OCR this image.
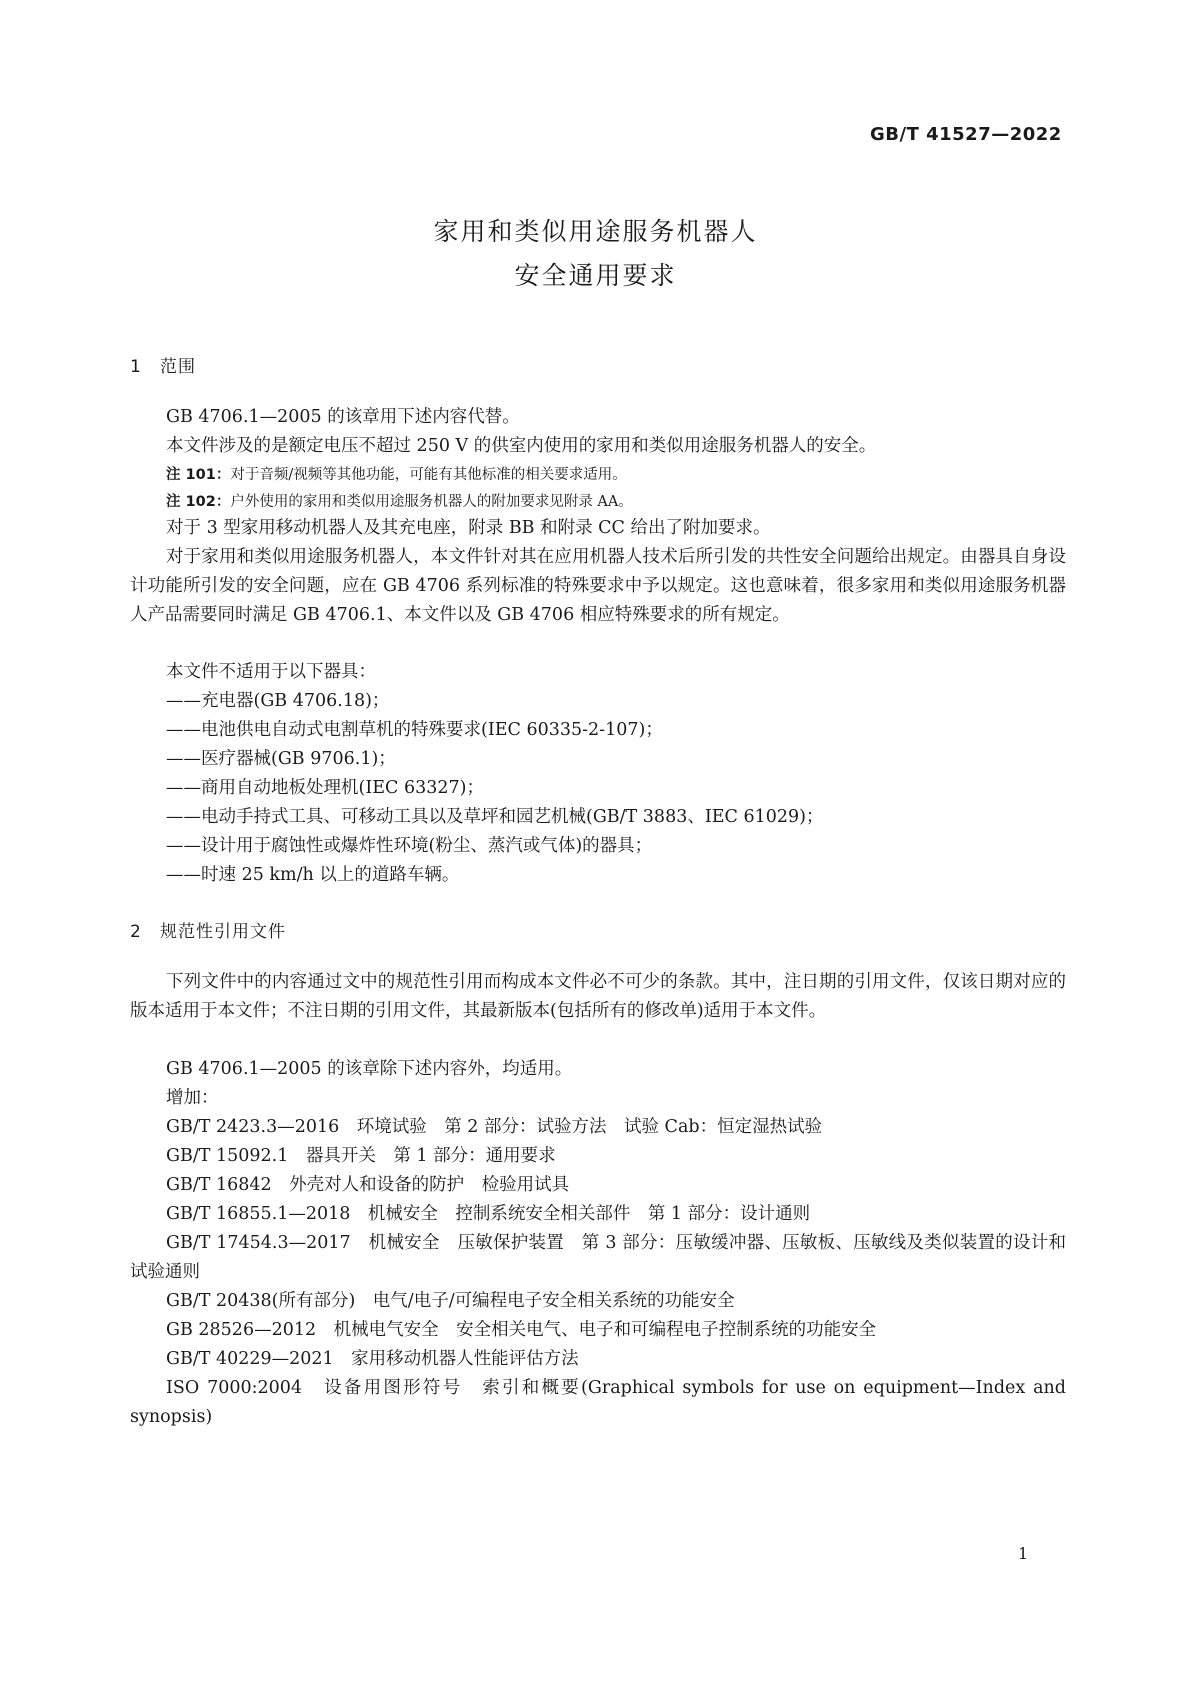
GB/T 41527—2022
家用和类似用途服务机器人
安全通用要求
1 范围

GB 4706.1—2005 的该章用下述内容代替。

本文件涉及的是额定电压不超过 250 V 的供室内使用的家用和类似用途服务机器人的安全。

注 101：对于音频/视频等其他功能，可能有其他标准的相关要求适用。
注 102：户外使用的家用和类似用途服务机器人的附加要求见附录 AA。

对于 3 型家用移动机器人及其充电座，附录 BB 和附录 CC 给出了附加要求。

对于家用和类似用途服务机器人，本文件针对其在应用机器人技术后所引发的共性安全问题给出规定。由器具自身设计功能所引发的安全问题，应在 GB 4706 系列标准的特殊要求中予以规定。这也意味着，很多家用和类似用途服务机器人产品需要同时满足 GB 4706.1、本文件以及 GB 4706 相应特殊要求的所有规定。

本文件不适用于以下器具：

——充电器(GB 4706.18)；

——电池供电自动式电割草机的特殊要求(IEC 60335-2-107)；

——医疗器械(GB 9706.1)；

——商用自动地板处理机(IEC 63327)；

——电动手持式工具、可移动工具以及草坪和园艺机械(GB/T 3883、IEC 61029)；

——设计用于腐蚀性或爆炸性环境(粉尘、蒸汽或气体)的器具；

——时速 25 km/h 以上的道路车辆。

2 规范性引用文件

下列文件中的内容通过文中的规范性引用而构成本文件必不可少的条款。其中，注日期的引用文件，仅该日期对应的版本适用于本文件；不注日期的引用文件，其最新版本(包括所有的修改单)适用于本文件。

GB 4706.1—2005 的该章除下述内容外，均适用。

增加：

GB/T 2423.3—2016　环境试验　第 2 部分：试验方法　试验 Cab：恒定湿热试验

GB/T 15092.1　器具开关　第 1 部分：通用要求

GB/T 16842　外壳对人和设备的防护　检验用试具

GB/T 16855.1—2018　机械安全　控制系统安全相关部件　第 1 部分：设计通则

GB/T 17454.3—2017　机械安全　压敏保护装置　第 3 部分：压敏缓冲器、压敏板、压敏线及类似装置的设计和试验通则

GB/T 20438(所有部分)　电气/电子/可编程电子安全相关系统的功能安全

GB 28526—2012　机械电气安全　安全相关电气、电子和可编程电子控制系统的功能安全

GB/T 40229—2021　家用移动机器人性能评估方法

ISO 7000:2004　设备用图形符号　索引和概要(Graphical symbols for use on equipment—Index and synopsis)

1
